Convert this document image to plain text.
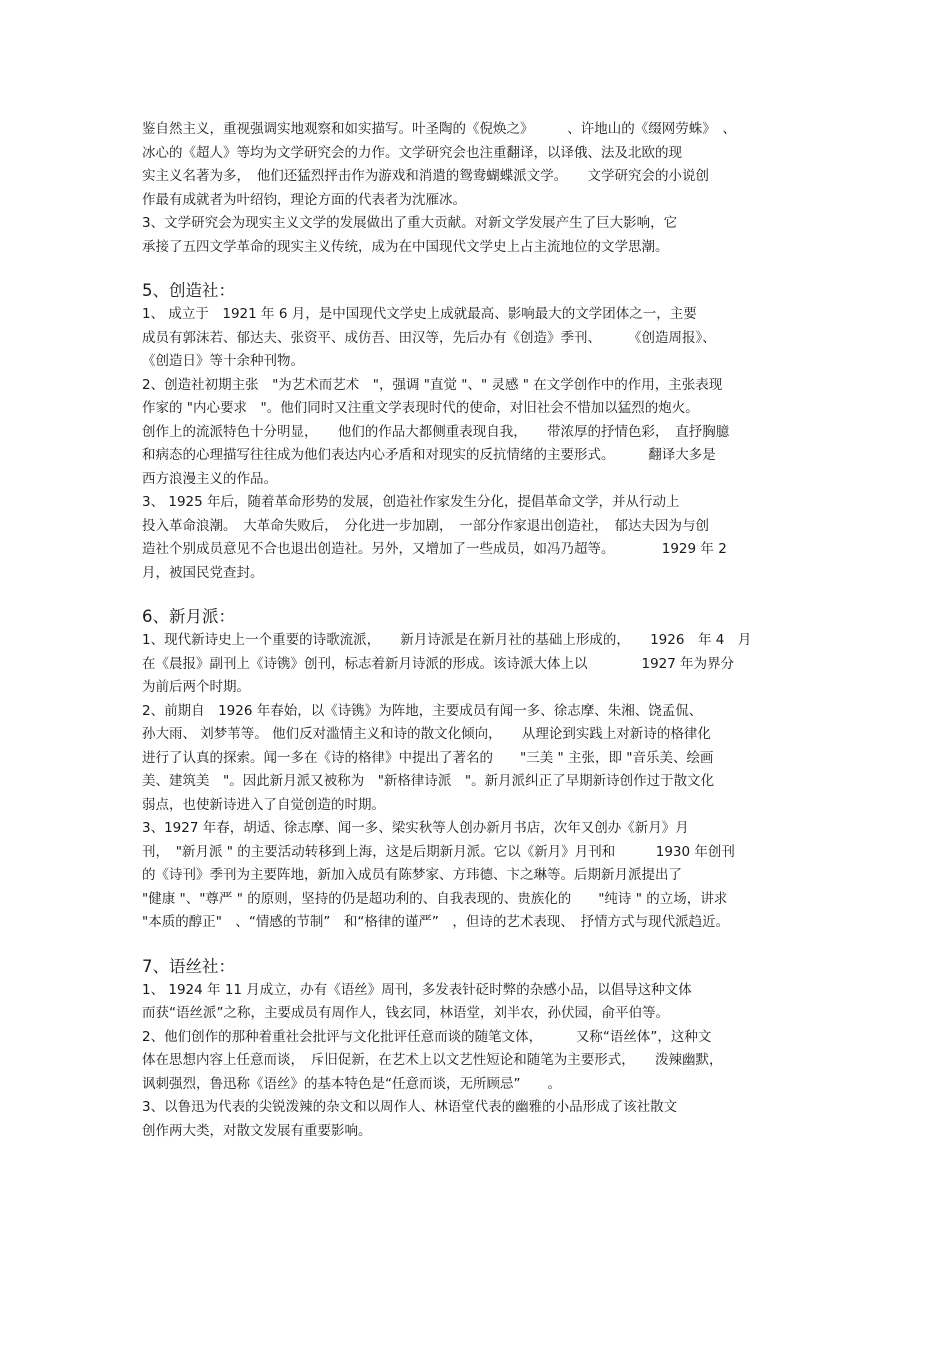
鉴自然主义，重视强调实地观察和如实描写。叶圣陶的《倪焕之》　　　、许地山的《缀网劳蛛》　、
冰心的《超人》等均为文学研究会的力作。文学研究会也注重翻译，以译俄、法及北欧的现
实主义名著为多，　他们还猛烈抨击作为游戏和消遣的鸳鸯蝴蝶派文学。　　文学研究会的小说创
作最有成就者为叶绍钧，理论方面的代表者为沈雁冰。
3、文学研究会为现实主义文学的发展做出了重大贡献。对新文学发展产生了巨大影响，它
承接了五四文学革命的现实主义传统，成为在中国现代文学史上占主流地位的文学思潮。
5、创造社：
1、 成立于　1921 年 6 月，是中国现代文学史上成就最高、影响最大的文学团体之一，主要
成员有郭沫若、郁达夫、张资平、成仿吾、田汉等，先后办有《创造》季刊、　　　《创造周报》、
《创造日》等十余种刊物。
2、创造社初期主张　"为艺术而艺术　"，强调 "直觉 "、" 灵感 " 在文学创作中的作用，主张表现
作家的 "内心要求　"。他们同时又注重文学表现时代的使命，对旧社会不惜加以猛烈的炮火。
创作上的流派特色十分明显，　　他们的作品大都侧重表现自我，　　带浓厚的抒情色彩，　直抒胸臆
和病态的心理描写往往成为他们表达内心矛盾和对现实的反抗情绪的主要形式。　　　翻译大多是
西方浪漫主义的作品。
3、 1925 年后，随着革命形势的发展，创造社作家发生分化，提倡革命文学，并从行动上
投入革命浪潮。　大革命失败后，　分化进一步加剧，　一部分作家退出创造社，　郁达夫因为与创
造社个别成员意见不合也退出创造社。另外，又增加了一些成员，如冯乃超等。　　　　1929 年 2
月，被国民党查封。
6、新月派：
1、现代新诗史上一个重要的诗歌流派，　　新月诗派是在新月社的基础上形成的，　　1926　年 4　月
在《晨报》副刊上《诗镌》创刊，标志着新月诗派的形成。该诗派大体上以　　　　1927 年为界分
为前后两个时期。
2、前期自　1926 年春始，以《诗镌》为阵地，主要成员有闻一多、徐志摩、朱湘、饶孟侃、
孙大雨、 刘梦苇等。 他们反对滥情主义和诗的散文化倾向，　　从理论到实践上对新诗的格律化
进行了认真的探索。闻一多在《诗的格律》中提出了著名的　　"三美 " 主张，即 "音乐美、绘画
美、建筑美　"。因此新月派又被称为　"新格律诗派　"。新月派纠正了早期新诗创作过于散文化
弱点，也使新诗进入了自觉创造的时期。
3、1927 年春，胡适、徐志摩、闻一多、梁实秋等人创办新月书店，次年又创办《新月》月
刊，　"新月派 " 的主要活动转移到上海，这是后期新月派。它以《新月》月刊和　　　1930 年创刊
的《诗刊》季刊为主要阵地，新加入成员有陈梦家、方玮德、卞之琳等。后期新月派提出了
"健康 "、"尊严 " 的原则，坚持的仍是超功利的、自我表现的、贵族化的　　"纯诗 " 的立场，讲求
"本质的醇正"　、“情感的节制”　和“格律的谨严”　，但诗的艺术表现、　抒情方式与现代派趋近。
7、语丝社：
1、 1924 年 11 月成立，办有《语丝》周刊，多发表针砭时弊的杂感小品，以倡导这种文体
而获“语丝派”之称，主要成员有周作人，钱玄同，林语堂，刘半农，孙伏园，俞平伯等。
2、他们创作的那种着重社会批评与文化批评任意而谈的随笔文体，　　　又称“语丝体”，这种文
体在思想内容上任意而谈，　斥旧促新，在艺术上以文艺性短论和随笔为主要形式，　　泼辣幽默，
讽刺强烈，鲁迅称《语丝》的基本特色是“任意而谈，无所顾忌”　　。
3、以鲁迅为代表的尖锐泼辣的杂文和以周作人、林语堂代表的幽雅的小品形成了该社散文
创作两大类，对散文发展有重要影响。
